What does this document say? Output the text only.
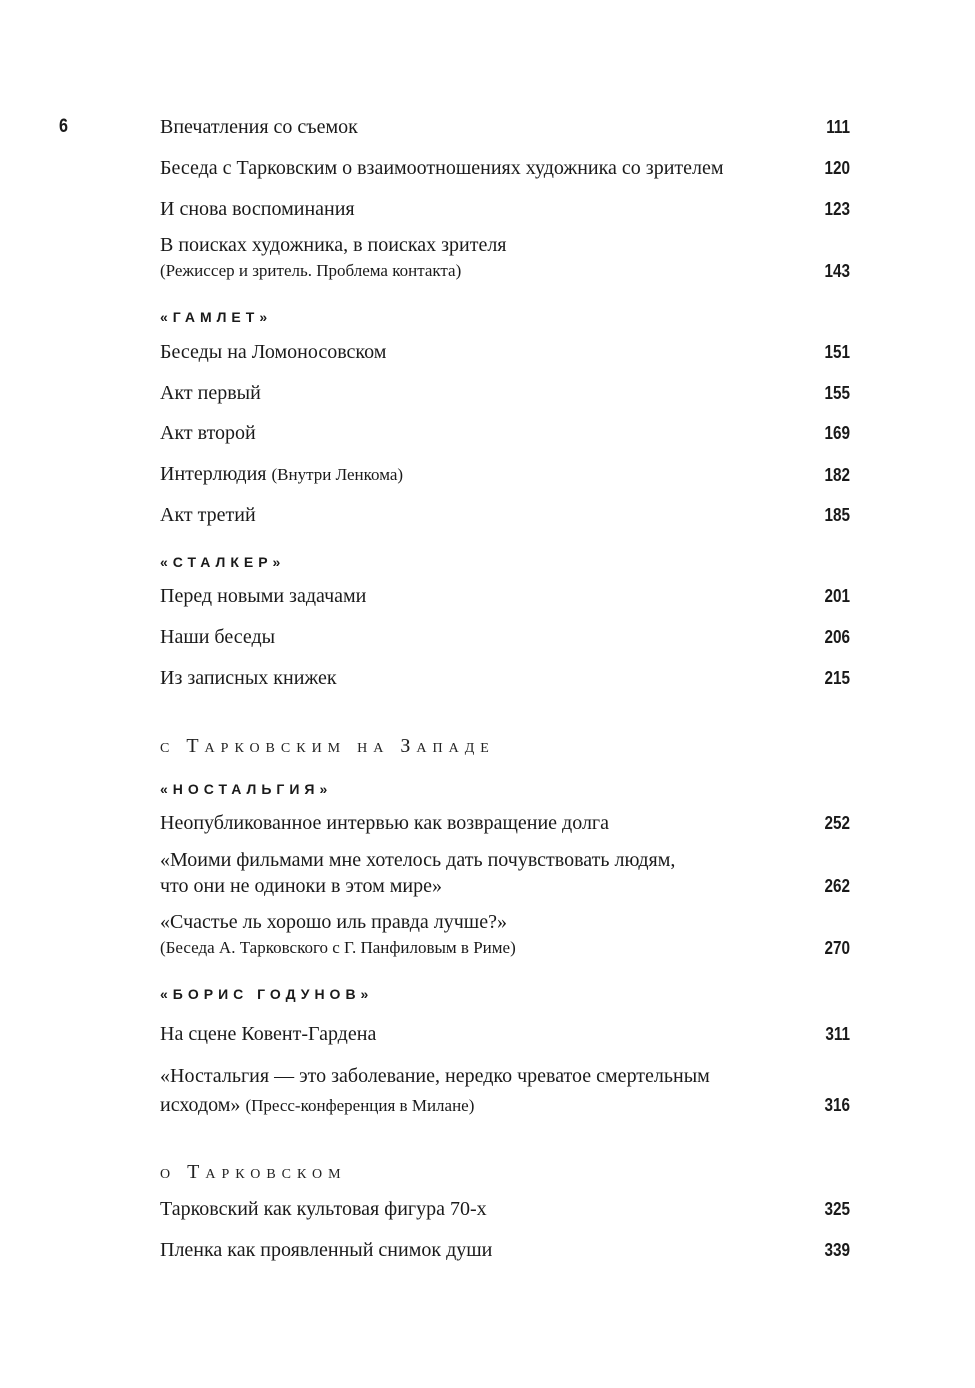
6	Впечатления со съемок	111
Беседа с Тарковским о взаимоотношениях художника со зрителем	120
И снова воспоминания	123
В поисках художника, в поисках зрителя
(Режиссер и зритель. Проблема контакта)	143
«ГАМЛЕТ»
Беседы на Ломоносовском	151
Акт первый	155
Акт второй	169
Интерлюдия (Внутри Ленкома)	182
Акт третий	185
«СТАЛКЕР»
Перед новыми задачами	201
Наши беседы	206
Из записных книжек	215
с Тарковским на Западе
«НОСТАЛЬГИЯ»
Неопубликованное интервью как возвращение долга	252
«Моими фильмами мне хотелось дать почувствовать людям,
что они не одиноки в этом мире»	262
«Счастье ль хорошо иль правда лучше?»
(Беседа А. Тарковского с Г. Панфиловым в Риме)	270
«БОРИС ГОДУНОВ»
На сцене Ковент-Гардена	311
«Ностальгия — это заболевание, нередко чреватое смертельным
исходом» (Пресс-конференция в Милане)	316
о Тарковском
Тарковский как культовая фигура 70-х	325
Пленка как проявленный снимок души	339
